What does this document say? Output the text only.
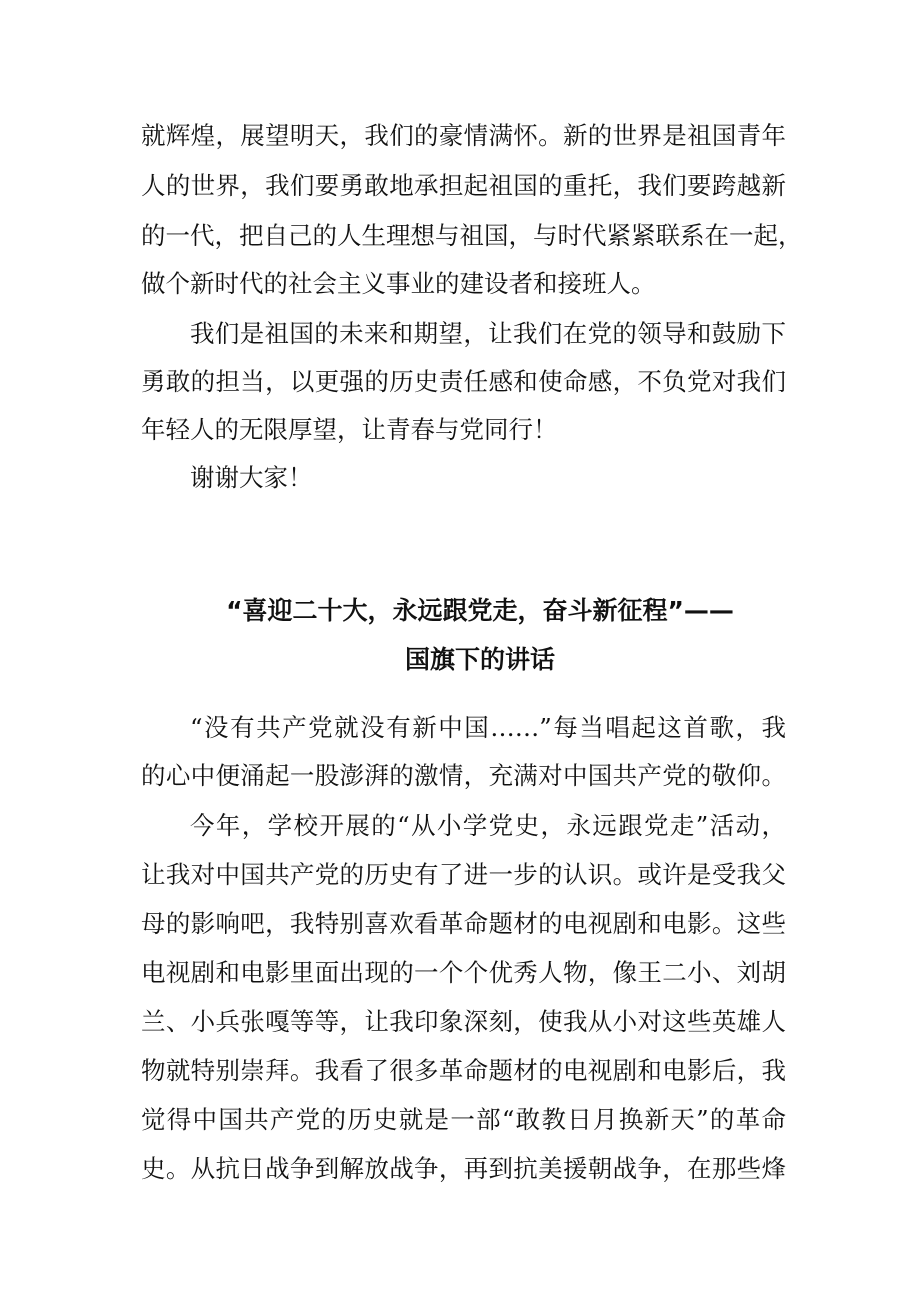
就辉煌，展望明天，我们的豪情满怀。新的世界是祖国青年
人的世界，我们要勇敢地承担起祖国的重托，我们要跨越新
的一代，把自己的人生理想与祖国，与时代紧紧联系在一起，
做个新时代的社会主义事业的建设者和接班人。
我们是祖国的未来和期望，让我们在党的领导和鼓励下
勇敢的担当，以更强的历史责任感和使命感，不负党对我们
年轻人的无限厚望，让青春与党同行！
谢谢大家！
“喜迎二十大，永远跟党走，奋斗新征程”——
国旗下的讲话
“没有共产党就没有新中国……”每当唱起这首歌，我
的心中便涌起一股澎湃的激情，充满对中国共产党的敬仰。
今年，学校开展的“从小学党史，永远跟党走”活动，
让我对中国共产党的历史有了进一步的认识。或许是受我父
母的影响吧，我特别喜欢看革命题材的电视剧和电影。这些
电视剧和电影里面出现的一个个优秀人物，像王二小、刘胡
兰、小兵张嘎等等，让我印象深刻，使我从小对这些英雄人
物就特别崇拜。我看了很多革命题材的电视剧和电影后，我
觉得中国共产党的历史就是一部“敢教日月换新天”的革命
史。从抗日战争到解放战争，再到抗美援朝战争，在那些烽
